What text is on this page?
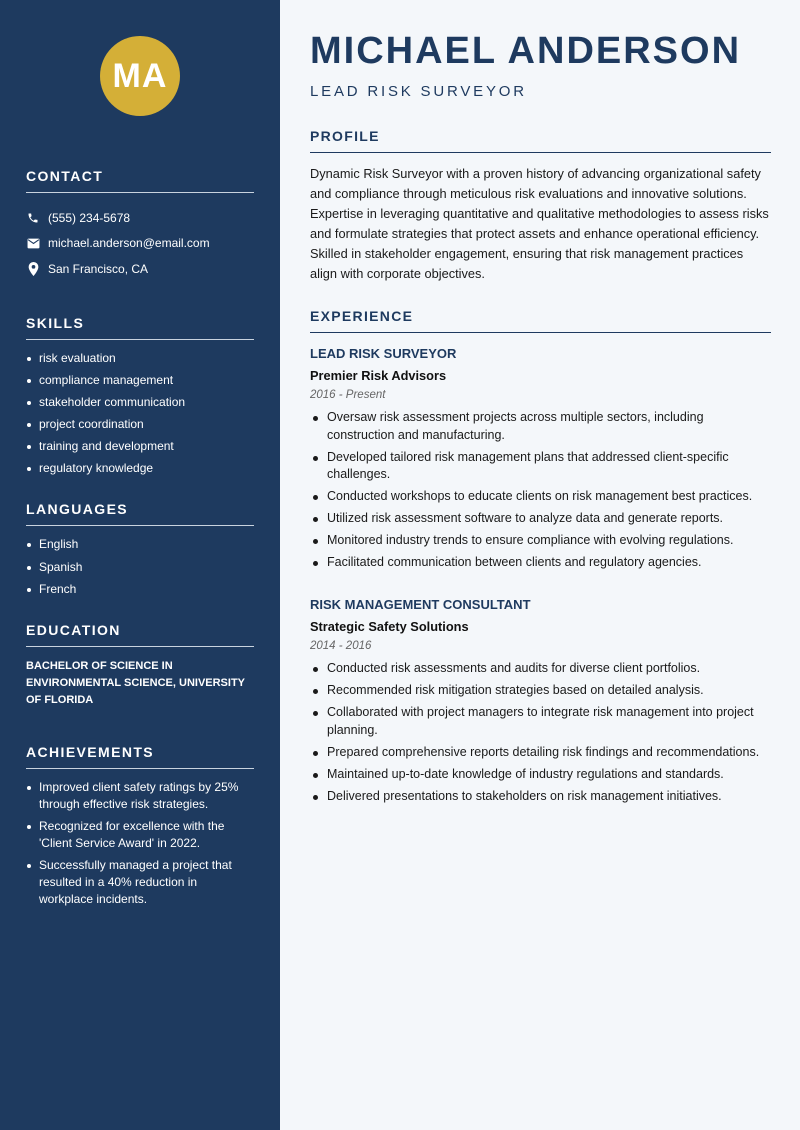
MA
CONTACT
(555) 234-5678
michael.anderson@email.com
San Francisco, CA
SKILLS
risk evaluation
compliance management
stakeholder communication
project coordination
training and development
regulatory knowledge
LANGUAGES
English
Spanish
French
EDUCATION

BACHELOR OF SCIENCE IN ENVIRONMENTAL SCIENCE, UNIVERSITY OF FLORIDA

ACHIEVEMENTS
Improved client safety ratings by 25% through effective risk strategies.
Recognized for excellence with the 'Client Service Award' in 2022.
Successfully managed a project that resulted in a 40% reduction in workplace incidents.
MICHAEL ANDERSON
LEAD RISK SURVEYOR
PROFILE

Dynamic Risk Surveyor with a proven history of advancing organizational safety and compliance through meticulous risk evaluations and innovative solutions. Expertise in leveraging quantitative and qualitative methodologies to assess risks and formulate strategies that protect assets and enhance operational efficiency. Skilled in stakeholder engagement, ensuring that risk management practices align with corporate objectives.

EXPERIENCE
LEAD RISK SURVEYOR
Premier Risk Advisors
2016 - Present
Oversaw risk assessment projects across multiple sectors, including construction and manufacturing.
Developed tailored risk management plans that addressed client-specific challenges.
Conducted workshops to educate clients on risk management best practices.
Utilized risk assessment software to analyze data and generate reports.
Monitored industry trends to ensure compliance with evolving regulations.
Facilitated communication between clients and regulatory agencies.
RISK MANAGEMENT CONSULTANT
Strategic Safety Solutions
2014 - 2016
Conducted risk assessments and audits for diverse client portfolios.
Recommended risk mitigation strategies based on detailed analysis.
Collaborated with project managers to integrate risk management into project planning.
Prepared comprehensive reports detailing risk findings and recommendations.
Maintained up-to-date knowledge of industry regulations and standards.
Delivered presentations to stakeholders on risk management initiatives.
